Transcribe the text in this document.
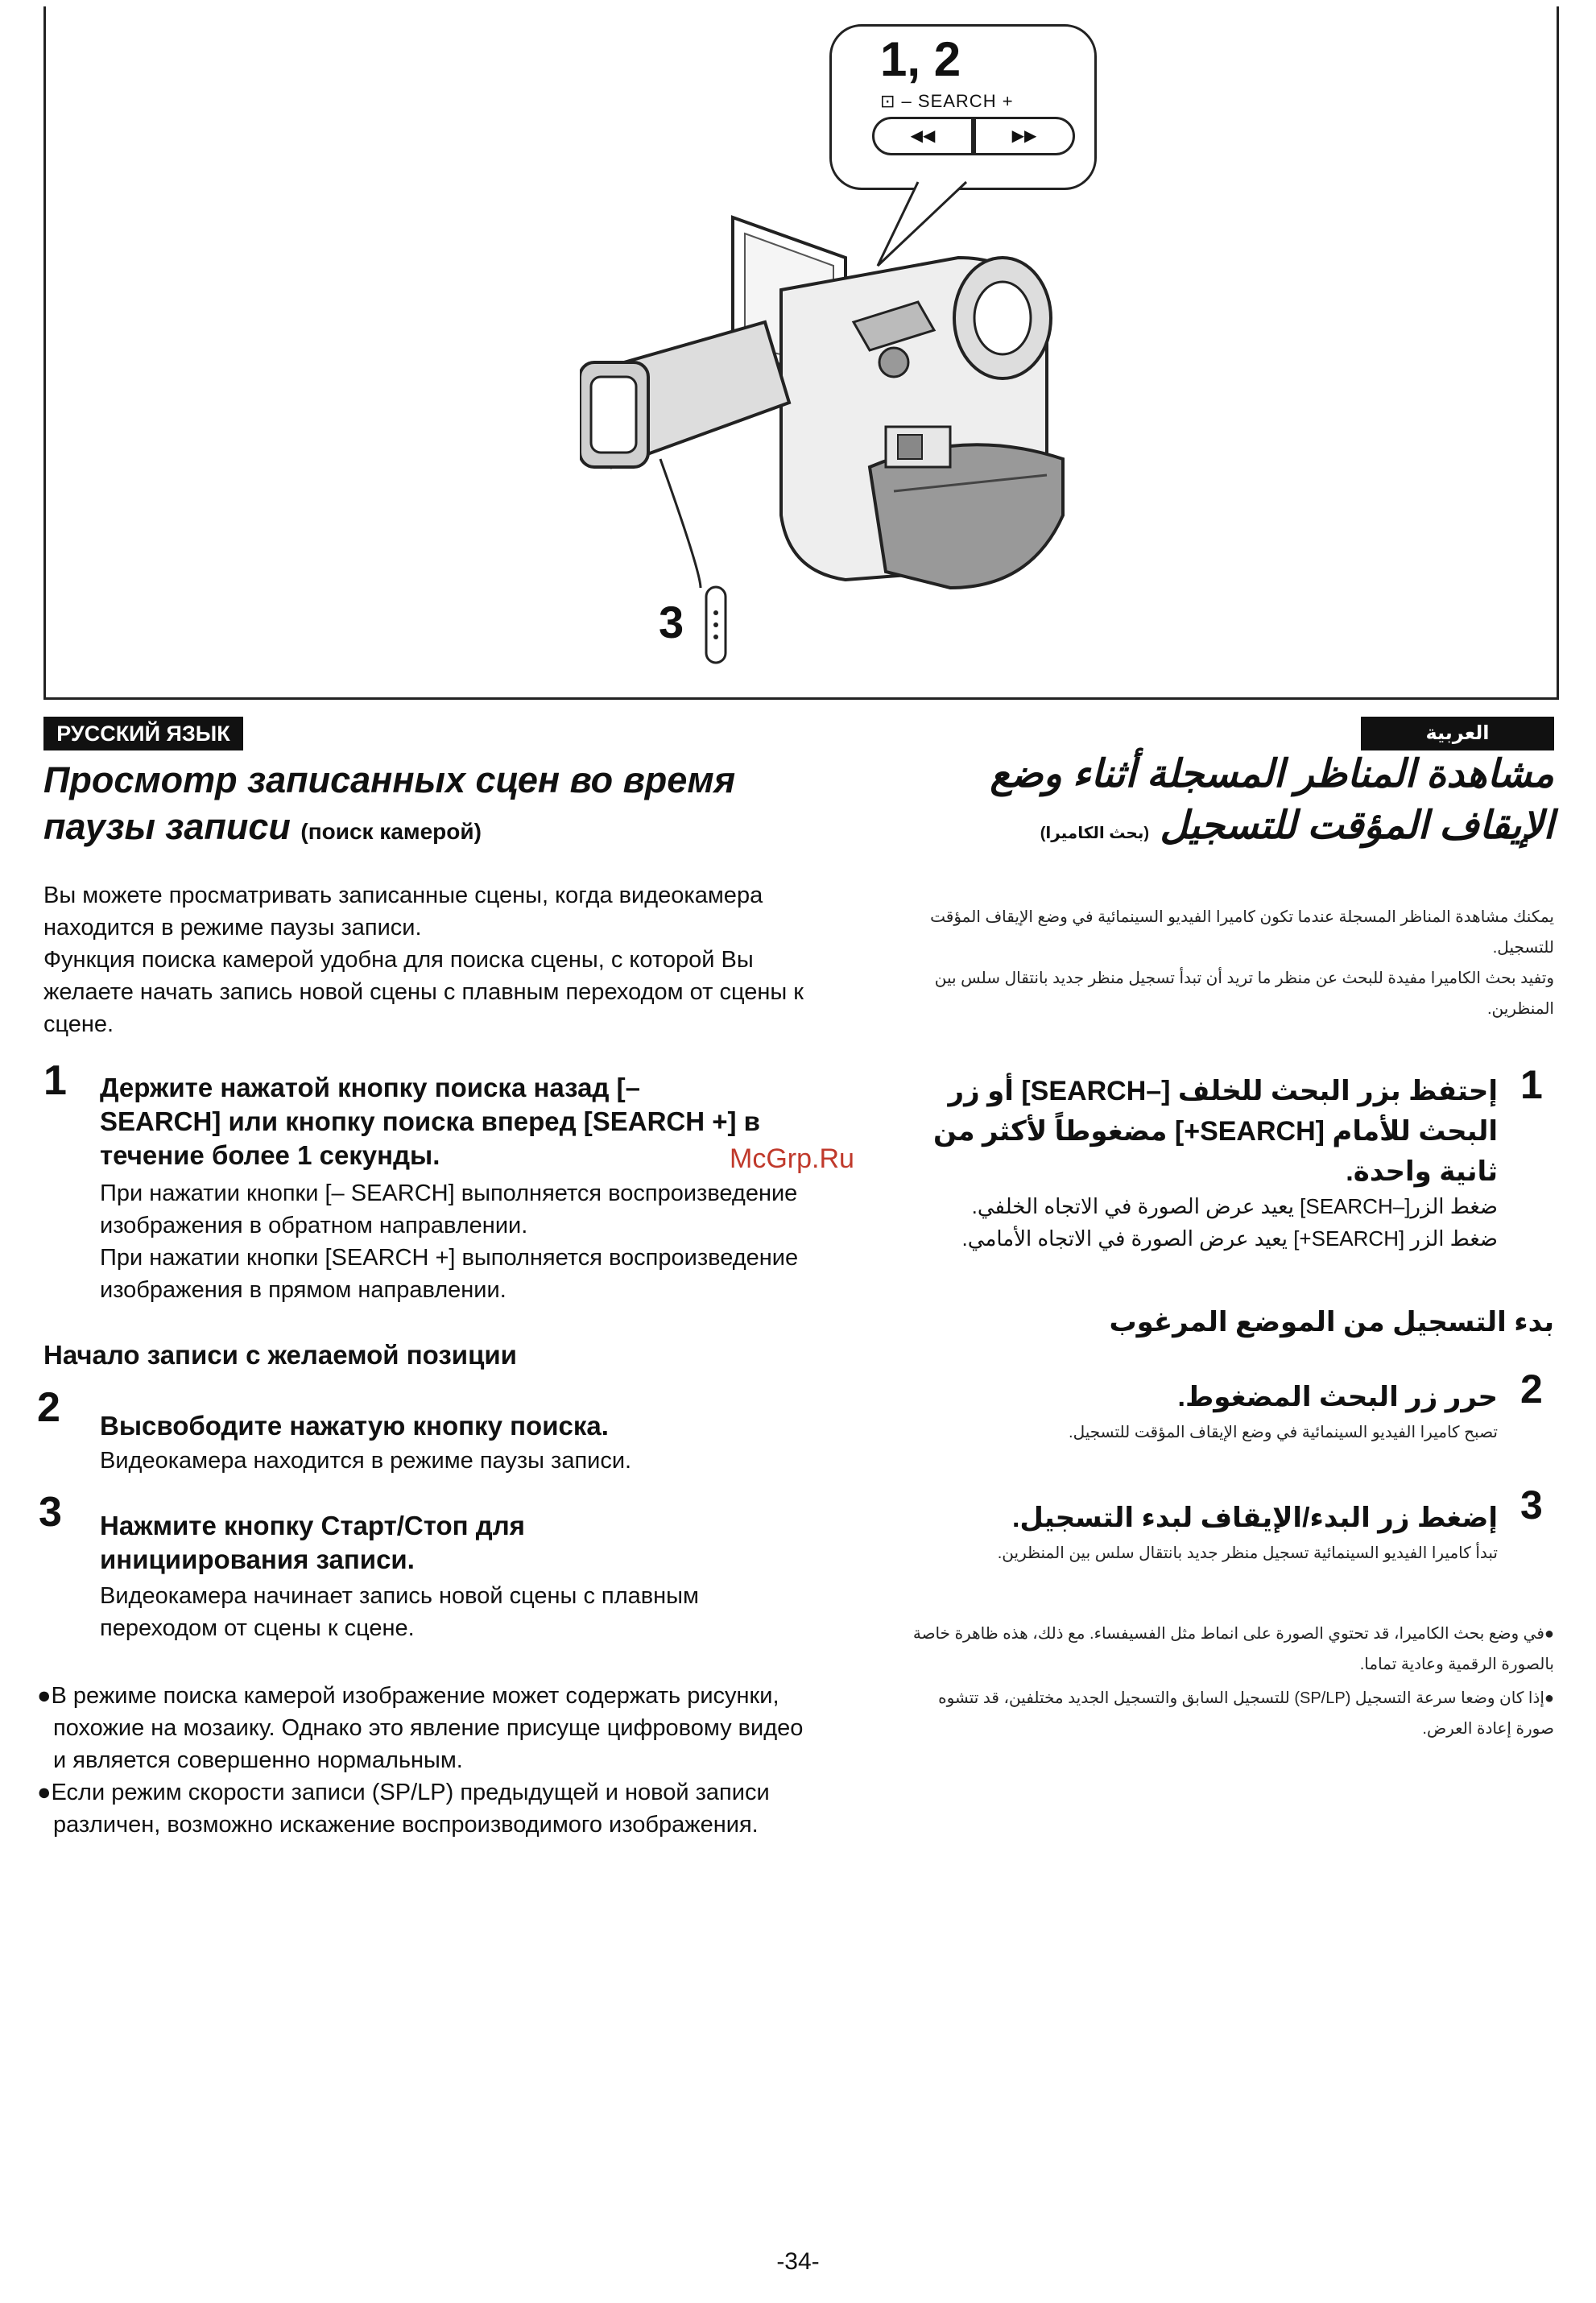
1, 2
⊡ – SEARCH +
◀◀	▶▶
3
РУССКИЙ ЯЗЫК	العربية
Просмотр записанных сцен во время паузы записи (поиск камерой)
Вы можете просматривать записанные сцены, когда видеокамера находится в режиме паузы записи.
Функция поиска камерой удобна для поиска сцены, с которой Вы желаете начать запись новой сцены с плавным переходом от сцены к сцене.
1 Держите нажатой кнопку поиска назад [– SEARCH] или кнопку поиска вперед [SEARCH +] в течение более 1 секунды.
При нажатии кнопки [– SEARCH] выполняется воспроизведение изображения в обратном направлении.
При нажатии кнопки [SEARCH +] выполняется воспроизведение изображения в прямом направлении.
McGrp.Ru
Начало записи с желаемой позиции
2 Высвободите нажатую кнопку поиска.
Видеокамера находится в режиме паузы записи.
3 Нажмите кнопку Старт/Стоп для инициирования записи.
Видеокамера начинает запись новой сцены с плавным переходом от сцены к сцене.
●В режиме поиска камерой изображение может содержать рисунки, похожие на мозаику. Однако это явление присуще цифровому видео и является совершенно нормальным.
●Если режим скорости записи (SP/LP) предыдущей и новой записи различен, возможно искажение воспроизводимого изображения.
مشاهدة المناظر المسجلة أثناء وضع
الإيقاف المؤقت للتسجيل (بحث الكاميرا)
يمكنك مشاهدة المناظر المسجلة عندما تكون كاميرا الفيديو السينمائية في وضع الإيقاف المؤقت للتسجيل.
وتفيد بحث الكاميرا مفيدة للبحث عن منظر ما تريد أن تبدأ تسجيل منظر جديد بانتقال سلس بين المنظرين.
1
إحتفظ بزر البحث للخلف [–SEARCH] أو زر البحث للأمام [SEARCH+] مضغوطاً لأكثر من ثانية واحدة.
ضغط الزر[–SEARCH] يعيد عرض الصورة في الاتجاه الخلفي.
ضغط الزر [SEARCH+] يعيد عرض الصورة في الاتجاه الأمامي.
بدء التسجيل من الموضع المرغوب
2
حرر زر البحث المضغوط.
تصبح كاميرا الفيديو السينمائية في وضع الإيقاف المؤقت للتسجيل.
3
إضغط زر البدء/الإيقاف لبدء التسجيل.
تبدأ كاميرا الفيديو السينمائية تسجيل منظر جديد بانتقال سلس بين المنظرين.
●في وضع بحث الكاميرا، قد تحتوي الصورة على انماط مثل الفسيفساء. مع ذلك، هذه ظاهرة خاصة بالصورة الرقمية وعادية تماما.
●إذا كان وضعا سرعة التسجيل (SP/LP) للتسجيل السابق والتسجيل الجديد مختلفين، قد تتشوه صورة إعادة العرض.
-34-
